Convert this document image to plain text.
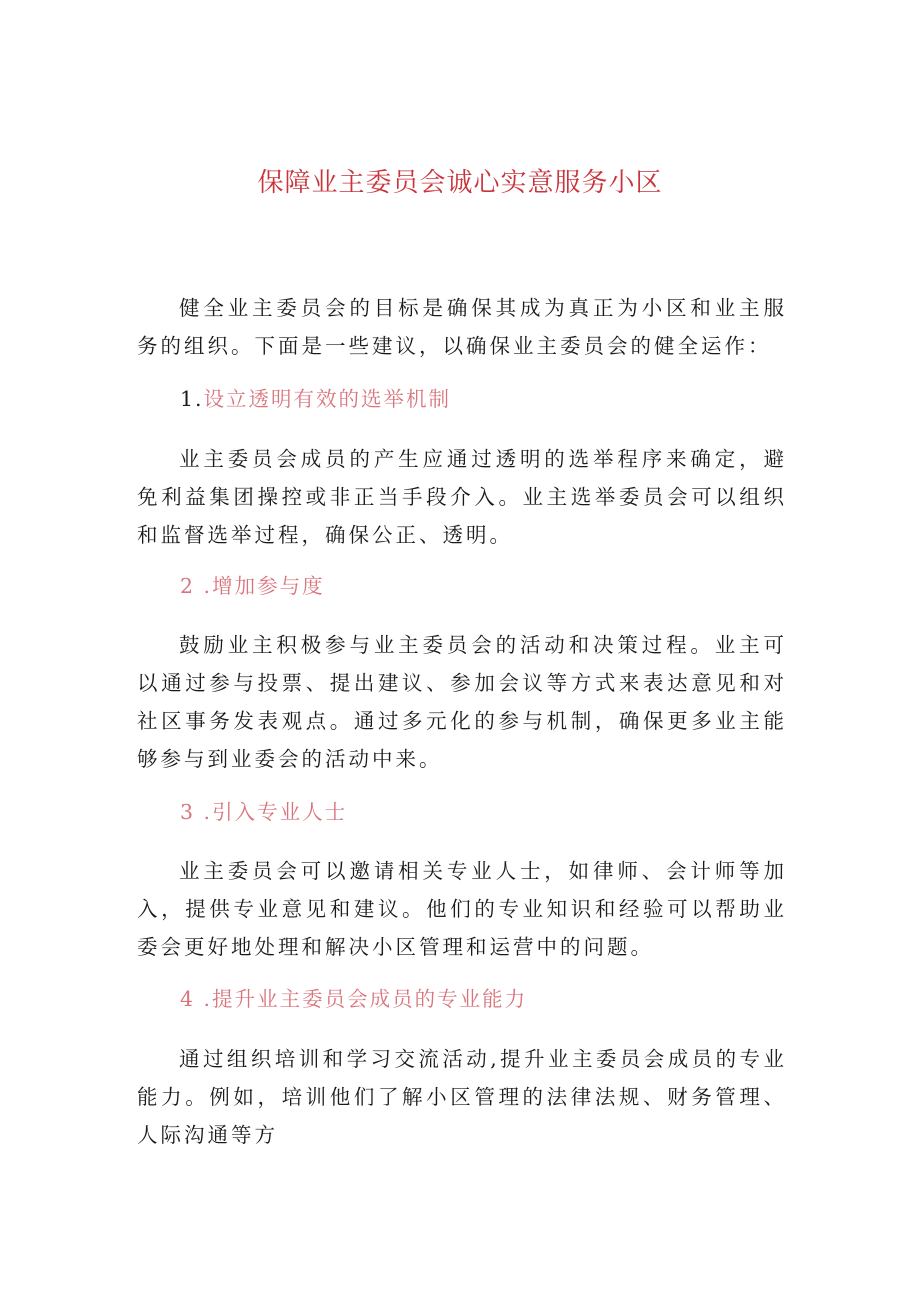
保障业主委员会诚心实意服务小区

健全业主委员会的目标是确保其成为真正为小区和业主服务的组织。下面是一些建议，以确保业主委员会的健全运作：

1.设立透明有效的选举机制

业主委员会成员的产生应通过透明的选举程序来确定，避免利益集团操控或非正当手段介入。业主选举委员会可以组织和监督选举过程，确保公正、透明。

2 .增加参与度

鼓励业主积极参与业主委员会的活动和决策过程。业主可以通过参与投票、提出建议、参加会议等方式来表达意见和对社区事务发表观点。通过多元化的参与机制，确保更多业主能够参与到业委会的活动中来。

3 .引入专业人士

业主委员会可以邀请相关专业人士，如律师、会计师等加入，提供专业意见和建议。他们的专业知识和经验可以帮助业委会更好地处理和解决小区管理和运营中的问题。

4 .提升业主委员会成员的专业能力

通过组织培训和学习交流活动,提升业主委员会成员的专业能力。例如，培训他们了解小区管理的法律法规、财务管理、人际沟通等方
